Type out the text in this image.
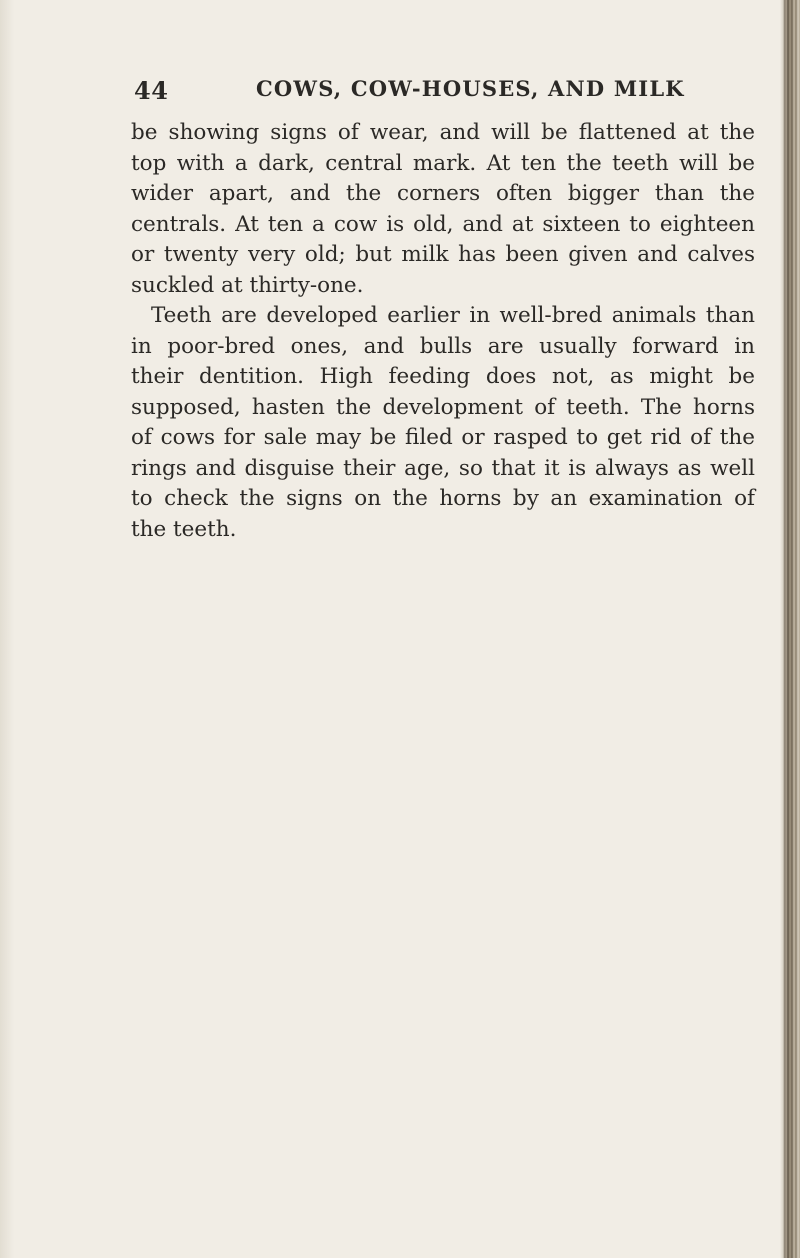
44	COWS, COW-HOUSES, AND MILK
be showing signs of wear, and will be flattened at the
top with a dark, central mark. At ten the teeth will be
wider apart, and the corners often bigger than the
centrals. At ten a cow is old, and at sixteen to eighteen
or twenty very old; but milk has been given and calves
suckled at thirty-one.
Teeth are developed earlier in well-bred animals than
in poor-bred ones, and bulls are usually forward in
their dentition. High feeding does not, as might be
supposed, hasten the development of teeth. The horns
of cows for sale may be filed or rasped to get rid of the
rings and disguise their age, so that it is always as well
to check the signs on the horns by an examination of
the teeth.
